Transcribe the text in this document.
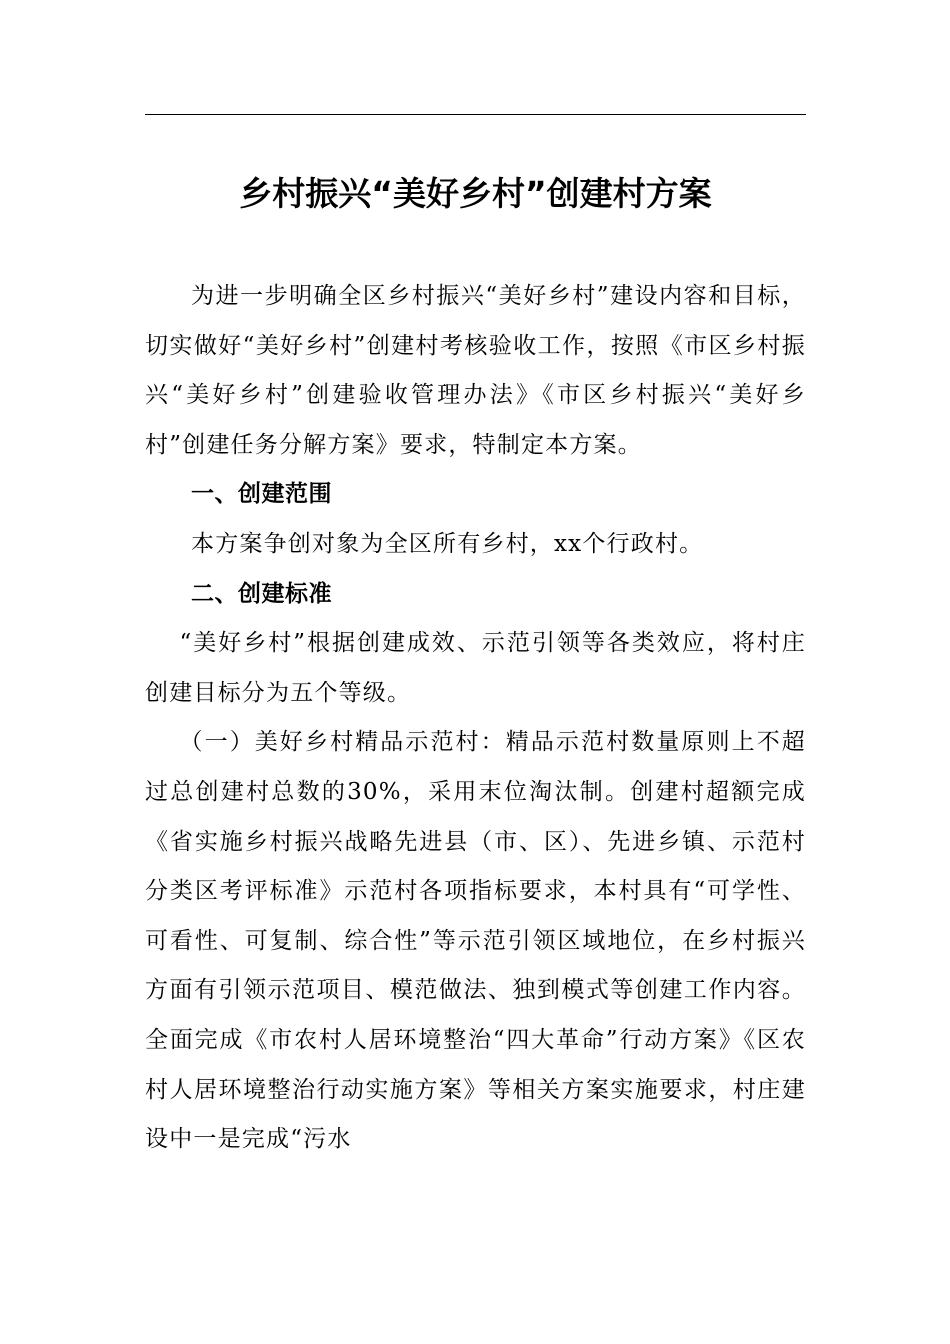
乡村振兴“美好乡村”创建村方案

为进一步明确全区乡村振兴“美好乡村”建设内容和目标，切实做好“美好乡村”创建村考核验收工作，按照《市区乡村振兴“美好乡村”创建验收管理办法》《市区乡村振兴“美好乡村”创建任务分解方案》要求，特制定本方案。

一、创建范围

本方案争创对象为全区所有乡村，xx个行政村。

二、创建标准

“美好乡村”根据创建成效、示范引领等各类效应，将村庄创建目标分为五个等级。

（一）美好乡村精品示范村：精品示范村数量原则上不超过总创建村总数的30%，采用末位淘汰制。创建村超额完成《省实施乡村振兴战略先进县（市、区）、先进乡镇、示范村分类区考评标准》示范村各项指标要求，本村具有“可学性、可看性、可复制、综合性”等示范引领区域地位，在乡村振兴方面有引领示范项目、模范做法、独到模式等创建工作内容。全面完成《市农村人居环境整治“四大革命”行动方案》《区农村人居环境整治行动实施方案》等相关方案实施要求，村庄建设中一是完成“污水
